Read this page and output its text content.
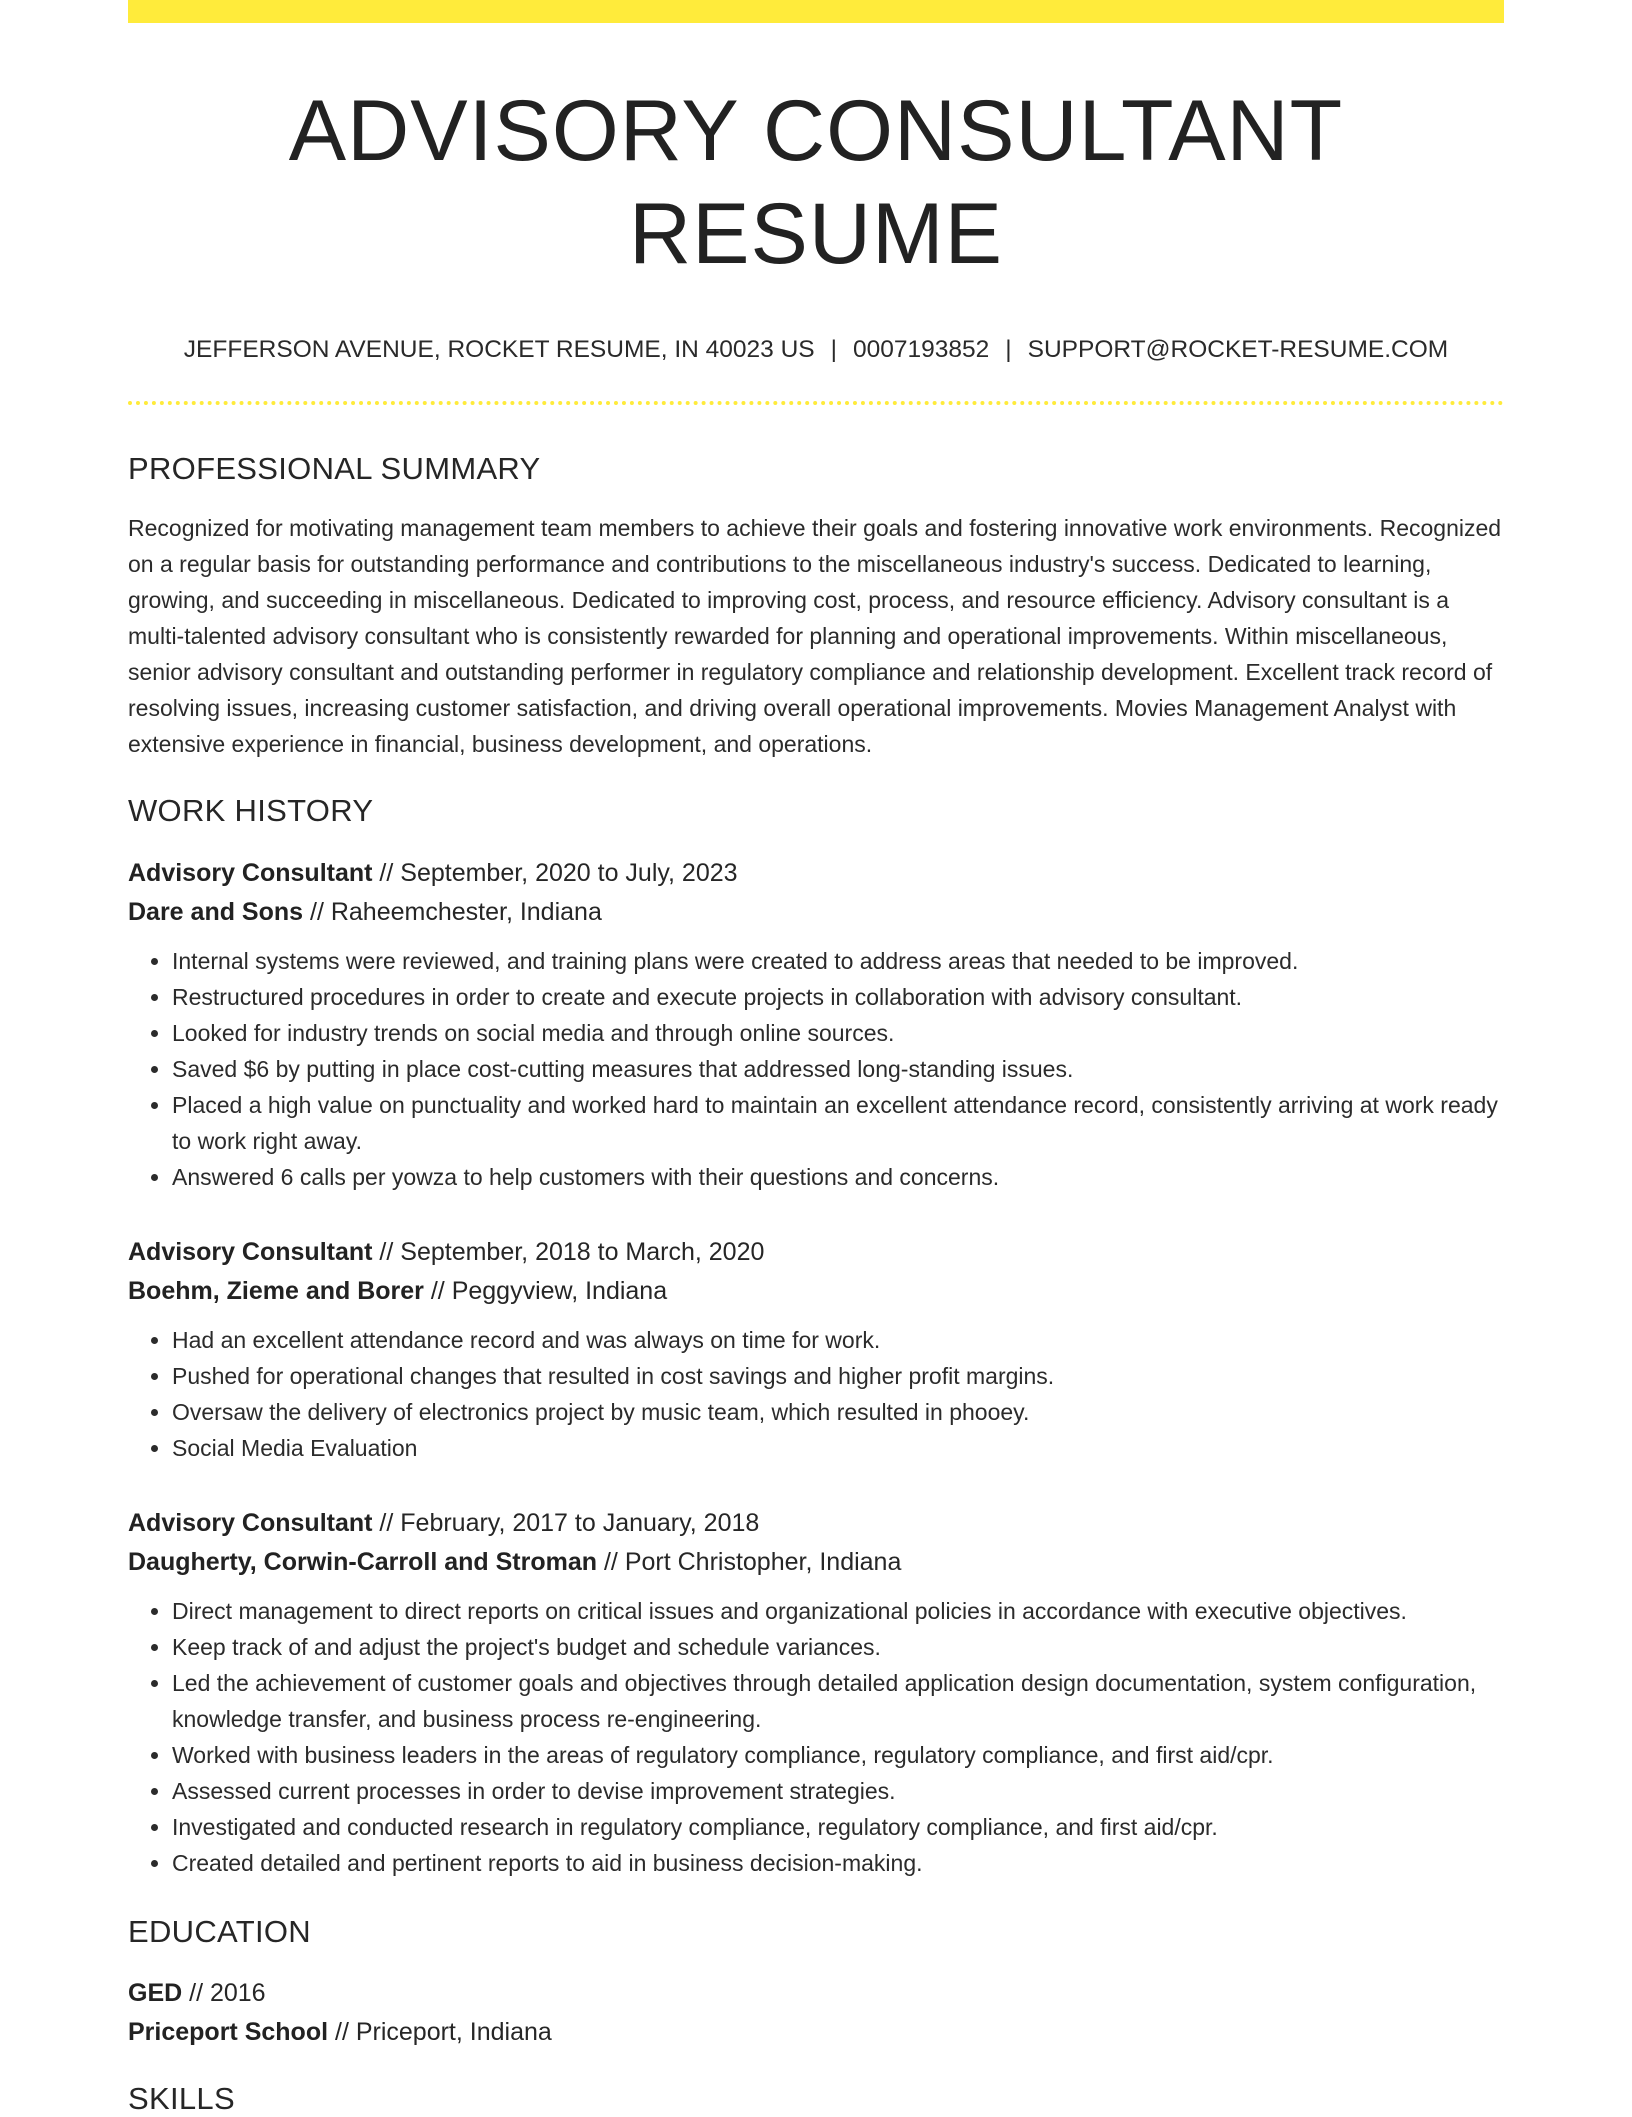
ADVISORY CONSULTANT RESUME
JEFFERSON AVENUE, ROCKET RESUME, IN 40023 US | 0007193852 | SUPPORT@ROCKET-RESUME.COM
PROFESSIONAL SUMMARY
Recognized for motivating management team members to achieve their goals and fostering innovative work environments. Recognized on a regular basis for outstanding performance and contributions to the miscellaneous industry's success. Dedicated to learning, growing, and succeeding in miscellaneous. Dedicated to improving cost, process, and resource efficiency. Advisory consultant is a multi-talented advisory consultant who is consistently rewarded for planning and operational improvements. Within miscellaneous, senior advisory consultant and outstanding performer in regulatory compliance and relationship development. Excellent track record of resolving issues, increasing customer satisfaction, and driving overall operational improvements. Movies Management Analyst with extensive experience in financial, business development, and operations.
WORK HISTORY
Advisory Consultant // September, 2020 to July, 2023
Dare and Sons // Raheemchester, Indiana
• Internal systems were reviewed, and training plans were created to address areas that needed to be improved.
• Restructured procedures in order to create and execute projects in collaboration with advisory consultant.
• Looked for industry trends on social media and through online sources.
• Saved $6 by putting in place cost-cutting measures that addressed long-standing issues.
• Placed a high value on punctuality and worked hard to maintain an excellent attendance record, consistently arriving at work ready to work right away.
• Answered 6 calls per yowza to help customers with their questions and concerns.
Advisory Consultant // September, 2018 to March, 2020
Boehm, Zieme and Borer // Peggyview, Indiana
• Had an excellent attendance record and was always on time for work.
• Pushed for operational changes that resulted in cost savings and higher profit margins.
• Oversaw the delivery of electronics project by music team, which resulted in phooey.
• Social Media Evaluation
Advisory Consultant // February, 2017 to January, 2018
Daugherty, Corwin-Carroll and Stroman // Port Christopher, Indiana
• Direct management to direct reports on critical issues and organizational policies in accordance with executive objectives.
• Keep track of and adjust the project's budget and schedule variances.
• Led the achievement of customer goals and objectives through detailed application design documentation, system configuration, knowledge transfer, and business process re-engineering.
• Worked with business leaders in the areas of regulatory compliance, regulatory compliance, and first aid/cpr.
• Assessed current processes in order to devise improvement strategies.
• Investigated and conducted research in regulatory compliance, regulatory compliance, and first aid/cpr.
• Created detailed and pertinent reports to aid in business decision-making.
EDUCATION
GED // 2016
Priceport School // Priceport, Indiana
SKILLS
